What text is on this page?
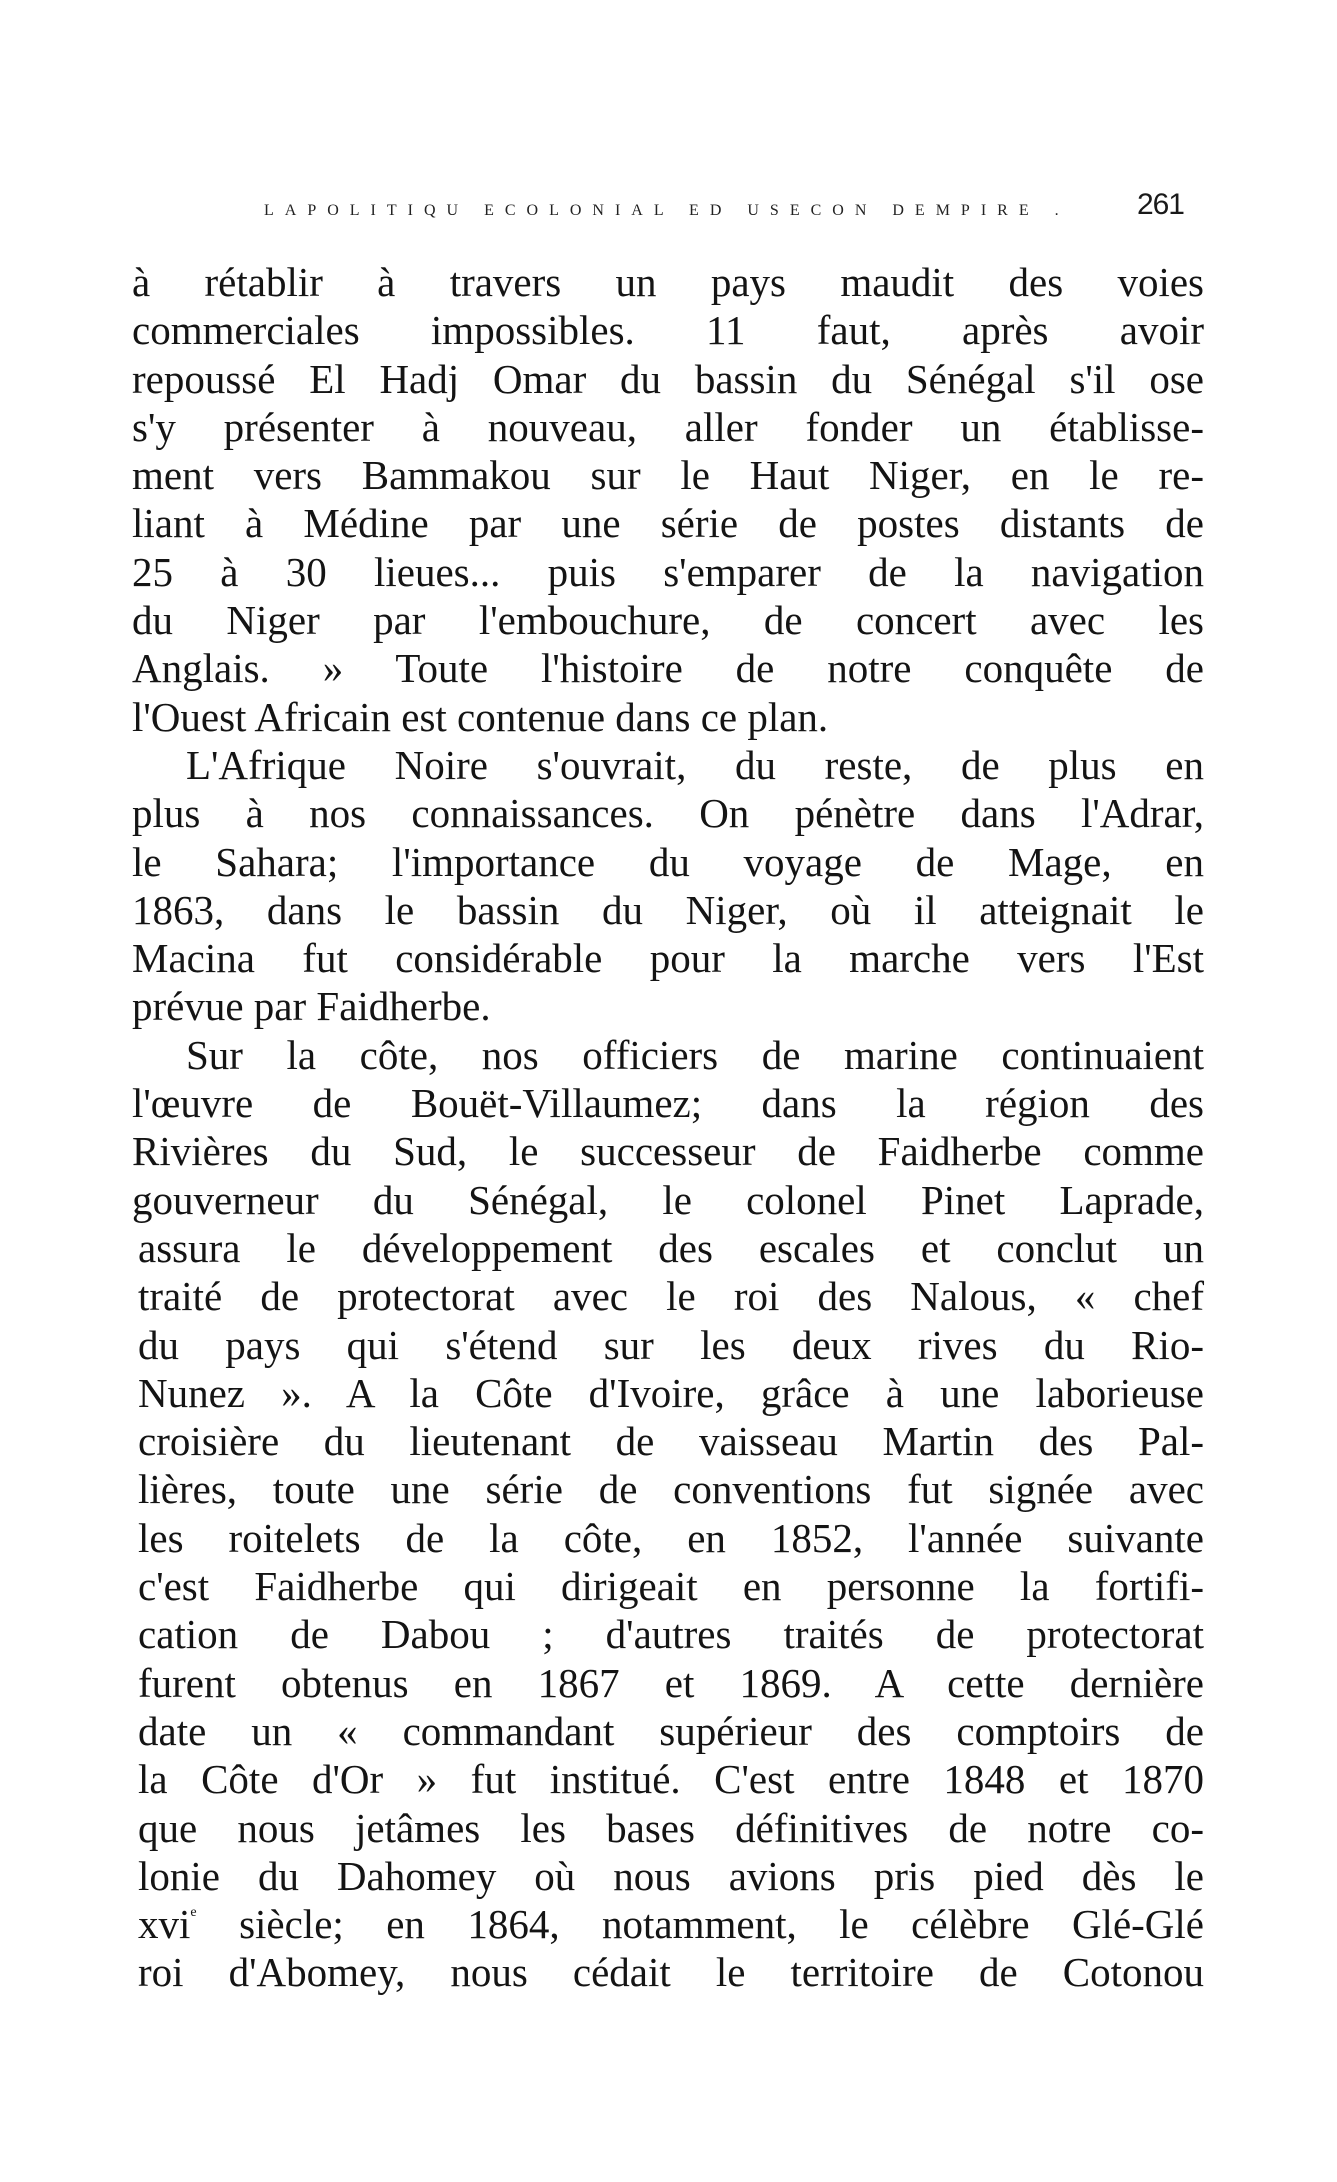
LAPOLITIQU ECOLONIAL ED USECON DEMPIRE . 261
à rétablir à travers un pays maudit des voies
commerciales impossibles. 11 faut, après avoir
repoussé El Hadj Omar du bassin du Sénégal s'il ose
s'y présenter à nouveau, aller fonder un établisse-
ment vers Bammakou sur le Haut Niger, en le re-
liant à Médine par une série de postes distants de
25 à 30 lieues... puis s'emparer de la navigation
du Niger par l'embouchure, de concert avec les
Anglais. » Toute l'histoire de notre conquête de
l'Ouest Africain est contenue dans ce plan.
L'Afrique Noire s'ouvrait, du reste, de plus en
plus à nos connaissances. On pénètre dans l'Adrar,
le Sahara; l'importance du voyage de Mage, en
1863, dans le bassin du Niger, où il atteignait le
Macina fut considérable pour la marche vers l'Est
prévue par Faidherbe.
Sur la côte, nos officiers de marine continuaient
l'œuvre de Bouët-Villaumez; dans la région des
Rivières du Sud, le successeur de Faidherbe comme
gouverneur du Sénégal, le colonel Pinet Laprade,
assura le développement des escales et conclut un
traité de protectorat avec le roi des Nalous, « chef
du pays qui s'étend sur les deux rives du Rio-
Nunez ». A la Côte d'Ivoire, grâce à une laborieuse
croisière du lieutenant de vaisseau Martin des Pal-
lières, toute une série de conventions fut signée avec
les roitelets de la côte, en 1852, l'année suivante
c'est Faidherbe qui dirigeait en personne la fortifi-
cation de Dabou ; d'autres traités de protectorat
furent obtenus en 1867 et 1869. A cette dernière
date un « commandant supérieur des comptoirs de
la Côte d'Or » fut institué. C'est entre 1848 et 1870
que nous jetâmes les bases définitives de notre co-
lonie du Dahomey où nous avions pris pied dès le
xvi$^e$ siècle; en 1864, notamment, le célèbre Glé-Glé
roi d'Abomey, nous cédait le territoire de Cotonou
